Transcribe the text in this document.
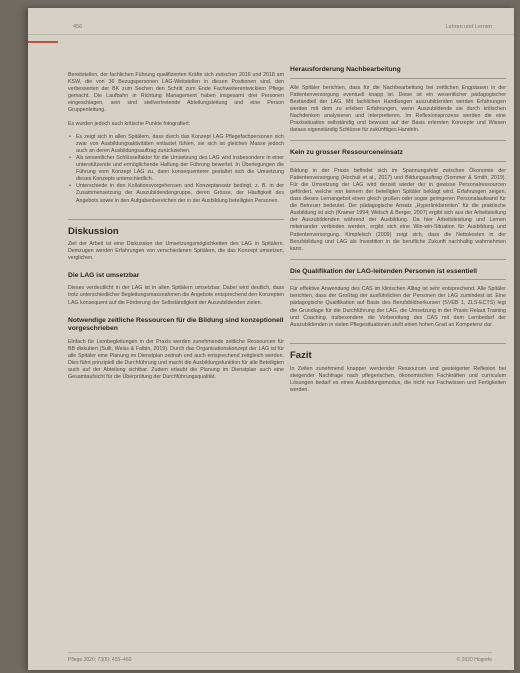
456	Lehren und Lernen

Bereitstellen, der fachlichen Führung qualifizierten Kräfte sich zwischen 2016 und 2018 am KSW, die von 36 Bezugspersonen LAG-Weitstellen in diesen Positionen sind, den verbesserten der BK zum Sechen den Schritt zum Ende Fachweiterentwicklern Pflege gemacht. Die Laufbahn in Richtung Management haben insgesamt drei Personen eingeschlagen, sein sind stellvertretende Abteilungsleitung und eine Person Gruppenleitung.

Es wurden jedoch auch kritische Punkte fotografiert:

• Es zeigt sich in allen Spitälern, dass durch das Konzept LAG Pflegefachpersonen sich zwar von Ausbildungsaktivitäten entlastet fühlen, sie sich ist gleichen Masse jedoch auch an deren Ausbildungsauftrag zurückziehen.
• Als wesentlicher Schlüsselfaktor für die Umsetzung des LAG wird insbesondere in einer unterstützende und ermöglichende Haltung der Führung bewertet. In Überlegungen die Führung vom Konzept LAG zu, dann konsequenterer gestaltet sich die Umsetzung dieses Konzepts unterschiedlich.
• Unterschiede in den Kollationsvorgehensen und Konzeptansatz bedingt, z. B. in der Zusammensetzung der Auszubildendengruppe, deren Grösse, der Häufigkeit des Angebots sowie in den Aufgabenbereichen der in der Ausbildung beteiligten Personen.
Diskussion

Ziel der Arbeit ist eine Diskussion der Umsetzungsmöglichkeiten des LAG in Spitälern. Demzugen werden Erfahrungen von verschiedenen Spitälern, die das Konzept umsetzen, verglichen.

Die LAG ist umsetzbar

Dieses verdeutlicht in der LAG ist in allen Spitälern umsetzbar. Dabei wird deutlich, dass trotz unterschiedlicher Begleitungsmassnahmen die Angebote entsprechend den Konzepten LAG konsequent auf die Förderung der Selbständigkeit der Auszubildenden zielen.

Notwendige zeitliche Ressourcen für die Bildung sind konzeptionell vorgeschrieben

Einfach für Lernbegleitungen in der Praxis werden zunehmende zeitliche Ressourcen für BB diskutiert (Sulli, Weiss & Falbin, 2019). Durch das Organisationskonzept der LAG ist für alle Spitäler eine Planung im Dienstplan zeitnah und auch entsprechend zeitgleich werden. Dies führt prinzipiell die Durchführung und macht die Ausbildungsfunktion für alle Beteiligten auch auf der Abteilung sichtbar. Zudem erlaubt die Planung im Dienstplan auch eine Gesamtaufsicht für die Überprüfung der Durchführungsqualität.

Herausforderung Nachbearbeitung

Alle Spitäler berichten, dass für die Nachbearbeitung bei zeitlichen Engpässen in der Patientenversorgung eventuell knapp ist. Diese ist ein wesentlicher pädagogischer Bestandteil der LAG. Mit fachlichen Handlungen auszubildenden werden Erfahrungen werden mit dem zu erleben Erfahrungen, wenn Auszubildende sie durch kritischen Nachdenken analysieren und interpretieren. Im Reflexionsprozess werden die eine Praxissituation selbständig und bewusst auf der Basis erlernten Konzepte und Wissen daraus eigenständig Schlüsse für zukünftiges Handeln.

Kein zu grosser Ressourceneinsatz

Bildung in der Praxis befindet sich im Spannungsfeld zwischen Ökonomie der Patientenversorgung (Hochuli et al., 2017) und Bildungsauftrag (Sommer & Smith, 2019). Für die Umsetzung der LAG wird derzeit wieder der in gewisse Personalressourcen gefördert, welche von keinem der beteiligten Spitäler beklagt wird. Erfahrungen zeigen, dass dieses Lernangebot einen gleich großen oder sogar geringeren Personalaufwand für die Betreuer bedeutet. Der pädagogische Ansatz „Hyperlinkbereiten“ für die praktische Ausbildung ist sich (Kramer 1994; Welsch & Berger, 2007) ergibt sich aus der Arbeitsteilung der Auszubildenden während der Ausbildung. Da hier Arbeitsleistung und Lernen miteinander verbinden werden, ergibt sich eine Win-win-Situation für Ausbildung und Patientenversorgung. Kimpfelsch (2009) zeigt sich, dass die Nettokosten in der Berufsbildung und LAG als Investition in die berufliche Zukunft nachhaltig wahrnehmen kann.

Die Qualifikation der LAG-leitenden Personen ist essentiell

Für effektive Anwendung des CAS im klinischen Alltag ist sehr entsprechend. Alle Spitäler berichten, dass der Großtag der ausführlichen der Personen der LAG zumindest ist. Eine pädagogische Qualifikation auf Basis des Berufsbildnerkursen (SVEB 1, ZLS-ECTS) legt die Grundlage für die Durchführung der LAG, die Umsetzung in der Praxis Relaut Training und Coaching, insbesondere die Vorbereitung des CAS mit dem Lernbedarf der Auszubildenden in vielen Pflegesituationen stellt einen hohen Grad an Kompetenz dar.

Fazit

In Zeiten zunehmend knapper werdender Ressourcen und gesteigerter Reflexion bei steigender Nachfrage nach pflegerischen, ökonomischen Fachkräften und curriculum Lösungen bedarf es eines Ausbildungsmodus, die nicht nur Fachwissen und Fertigkeiten werden.

Pflege 2020; 73(6): 455–460	© 2020 Hogrefe
